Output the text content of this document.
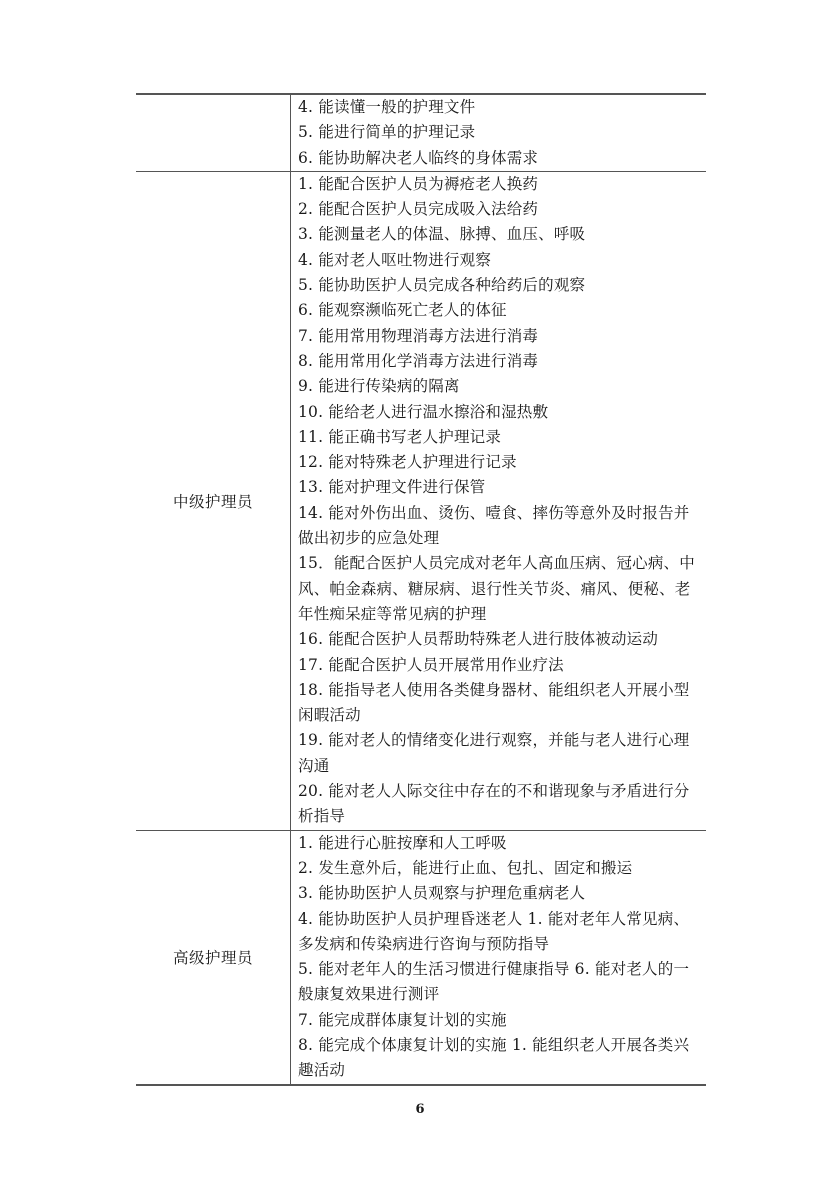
4. 能读懂一般的护理文件

5. 能进行简单的护理记录

6. 能协助解决老人临终的身体需求

中级护理员

1. 能配合医护人员为褥疮老人换药

2. 能配合医护人员完成吸入法给药

3. 能测量老人的体温、脉搏、血压、呼吸

4. 能对老人呕吐物进行观察

5. 能协助医护人员完成各种给药后的观察

6. 能观察濒临死亡老人的体征

7. 能用常用物理消毒方法进行消毒

8. 能用常用化学消毒方法进行消毒

9. 能进行传染病的隔离

10. 能给老人进行温水擦浴和湿热敷

11. 能正确书写老人护理记录

12. 能对特殊老人护理进行记录

13. 能对护理文件进行保管

14. 能对外伤出血、烫伤、噎食、摔伤等意外及时报告并做出初步的应急处理

15．能配合医护人员完成对老年人高血压病、冠心病、中风、帕金森病、糖尿病、退行性关节炎、痛风、便秘、老年性痴呆症等常见病的护理

16. 能配合医护人员帮助特殊老人进行肢体被动运动

17. 能配合医护人员开展常用作业疗法

18. 能指导老人使用各类健身器材、能组织老人开展小型闲暇活动

19. 能对老人的情绪变化进行观察，并能与老人进行心理沟通

20. 能对老人人际交往中存在的不和谐现象与矛盾进行分析指导

高级护理员

1. 能进行心脏按摩和人工呼吸

2. 发生意外后，能进行止血、包扎、固定和搬运

3. 能协助医护人员观察与护理危重病老人

4. 能协助医护人员护理昏迷老人 1. 能对老年人常见病、多发病和传染病进行咨询与预防指导

5. 能对老年人的生活习惯进行健康指导 6. 能对老人的一般康复效果进行测评

7. 能完成群体康复计划的实施

8. 能完成个体康复计划的实施 1. 能组织老人开展各类兴趣活动

6
